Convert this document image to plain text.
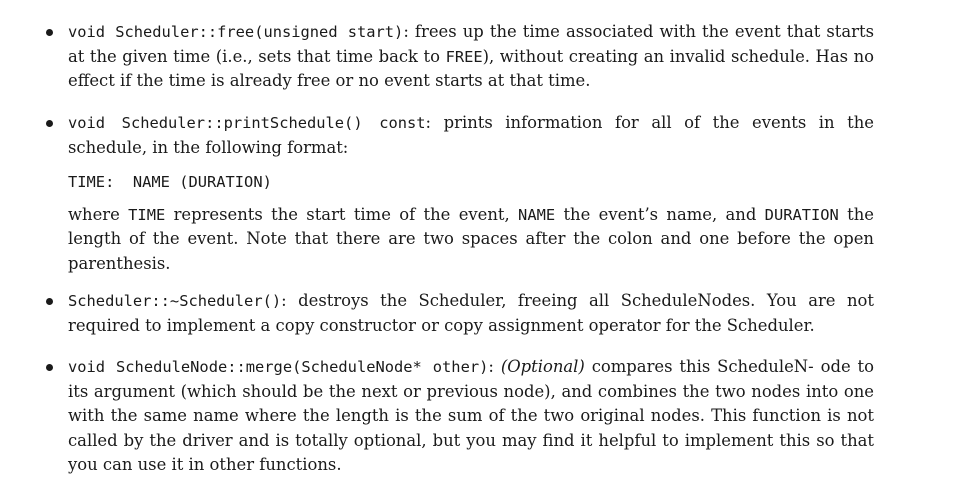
void Scheduler::free(unsigned start): frees up the time associated with the event that starts at the given time (i.e., sets that time back to FREE), without creating an invalid schedule. Has no effect if the time is already free or no event starts at that time.

void Scheduler::printSchedule() const: prints information for all of the events in the schedule, in the following format:

TIME:  NAME (DURATION)

where TIME represents the start time of the event, NAME the event’s name, and DURATION the length of the event. Note that there are two spaces after the colon and one before the open parenthesis.

Scheduler::~Scheduler(): destroys the Scheduler, freeing all ScheduleNodes. You are not required to implement a copy constructor or copy assignment operator for the Scheduler.

void ScheduleNode::merge(ScheduleNode* other): (Optional) compares this ScheduleN- ode to its argument (which should be the next or previous node), and combines the two nodes into one with the same name where the length is the sum of the two original nodes. This function is not called by the driver and is totally optional, but you may find it helpful to implement this so that you can use it in other functions.
